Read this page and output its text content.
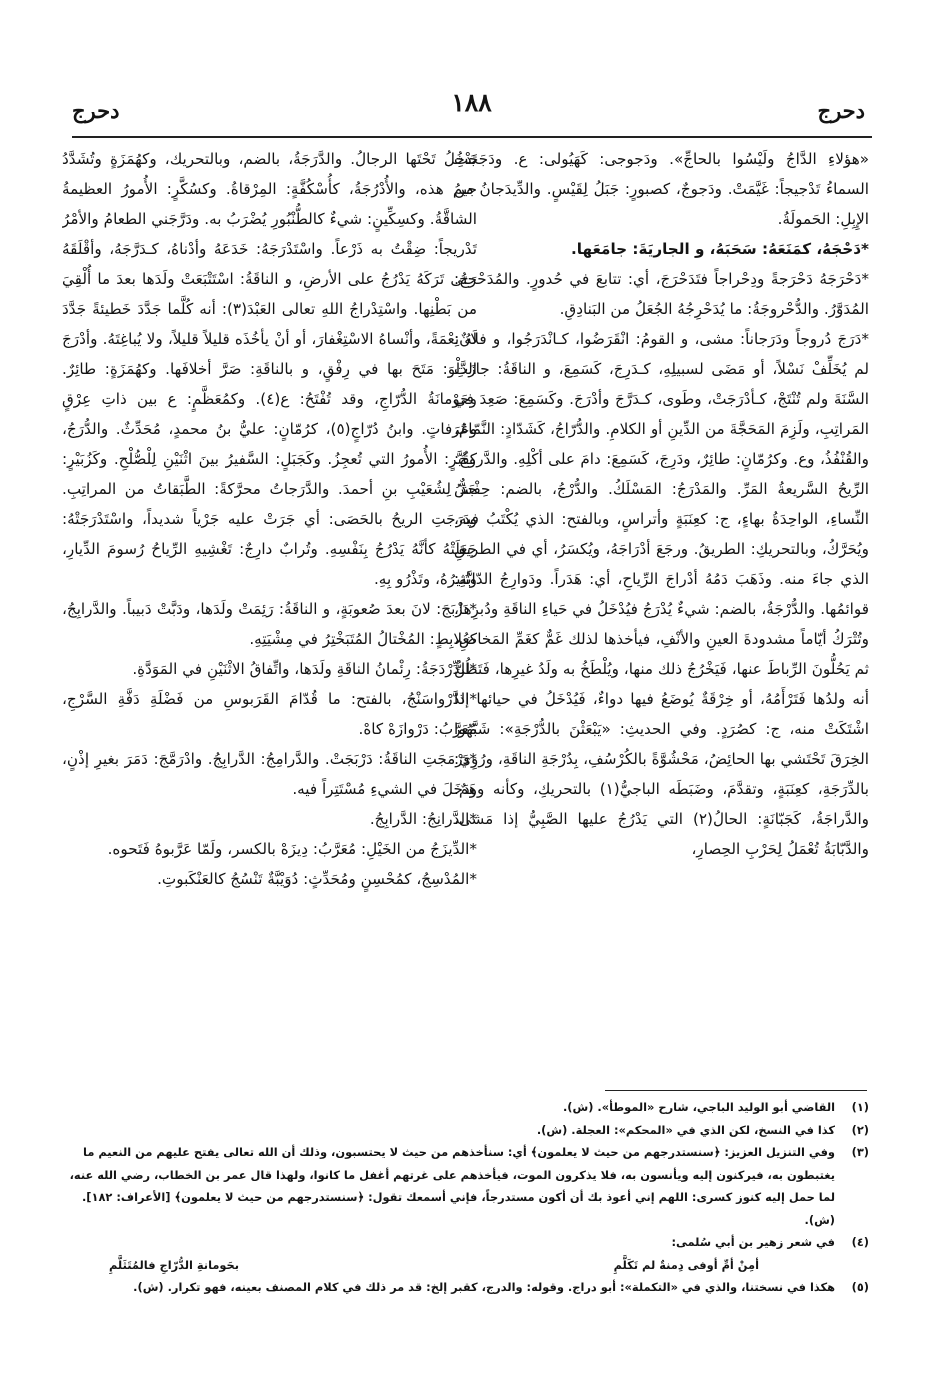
دحرج
١٨٨
دحرج

«هؤلاءِ الدَّاجُ ولَيْسُوا بالحاجِّ». ودَجوجى: كَهَيُولى: ع. ودَجَجَتِ السماءُ تَدْجيجاً: غَيَّمَتْ. ودَجوجٌ، كصبورٍ: جَبَلُ لِقَيْسٍ. والدِّيدَجانُ من الإِبِلِ: الحَمولَةُ.

*دَحْجَهُ، كمَنَعَهُ: سَحَبَهُ، و الجاريَةَ: جامَعَها.

*دَحْرَجَهُ دَحْرَجةً ودِحْراجاً فتَدَحْرَجَ، أي: تتابعَ في حُدورٍ. والمُدَحْرَجُ: المُدَوَّرُ. والدُّحْروجَةُ: ما يُدَحْرِجُهُ الجُعَلُ من البَنادِقِ.

*دَرَجَ دُروجاً ودَرَجاناً: مشى، و القومُ: انْقَرَضُوا، كـانْدَرَجُوا، و فلانٌ: لم يُخَلِّفْ نَسْلاً، أو مَضَى لسبيلِهِ، كـدَرِجَ، كَسَمِعَ، و الناقَةُ: جازَتِ السَّنَةَ ولم تُنْتَجْ، كـأدْرَجَتْ، وطَوى، كـدَرَّجَ وأدْرَجَ. وكَسَمِعَ: صَعِدَ في المَراتِبِ، ولَزِمَ المَحَجَّةَ من الدِّينِ أو الكلامِ. والدُّرّاجُ، كَشَدّادٍ: النَّمّامُ، والقُنْفُذُ، وع. وكرُمّانٍ: طائِرٌ، ودَرِجَ، كَسَمِعَ: دامَ على أكْلِهِ. والدَّروجُ: الرِّيحُ السَّريعةُ المَرِّ. والمَدْرَجُ: المَسْلَكُ. والدُّرْجُ، بالضم: حِفْشُ النِّساءِ، الواحِدَةُ بهاءٍ، ج: كعِنَبَةٍ وأتراسٍ، وبالفتح: الذي يُكْتَبُ فيه، ويُحَرَّكُ، وبالتحريكِ: الطريقُ. ورجَعَ أدْرَاجَهُ، ويُكسَرُ، أي في الطريقِ الذي جاءَ منه. وذَهَبَ دَمُهُ أدْراجَ الرِّياحِ، أي: هَدَراً. ودَوارِجُ الدّابَّةِ: قوائمُها. والدُّرْجَةُ، بالضم: شيءٌ يُدْرَجُ فيُدْخَلُ في حَياءِ الناقَةِ ودُبرِها، وتُتْرَكُ أيّاماً مشدودةَ العينِ والأنْفِ، فيأخذها لذلك غَمٌّ كغَمِّ المَخاضِ، ثم يَحُلُّونَ الرِّباطَ عنها، فَيَخْرُجُ ذلك منها، ويُلْطَخُ به ولَدُ غيرِها، فَتَظُنُّ أنه ولدُها فَتَرْأَمُهُ، أو خِرْقَةٌ يُوضَعُ فيها دواءٌ، فَيُدْخَلُ في حيائها إذا اشْتَكَتْ منه، ج: كصُرَدٍ. وفي الحديثِ: «يَبْعَثْنَ بالدُّرْجَةِ»: شَبَّهُوا الخِرَقَ تَحْتَشي بها الحائِضُ، مَحْشُوَّةً بالكُرْسُفِ، بِدُرْجَةِ الناقَةِ، ورُوِيَ: بالدِّرَجَةِ، كعِنَبَةٍ، وتقدَّمَ، وضَبَطَه الباجيُّ(١) بالتحريكِ، وكأنه وهَمٌ. والدَّراجَةُ، كَجَبّانَةٍ: الحالُ(٢) التي يَدْرُجُ عليها الصَّبِيُّ إذا مَشى، والدَّبّابَةُ تُعْمَلُ لِحَرْبِ الحِصارِ،

تَدْخُلُ تَحْتَها الرجالُ. والدَّرَجَةُ، بالضم، وبالتحريك، وكهُمَزَةٍ وتُشَدَّدُ جيمُ هذه، والأُدْرُجَةُ، كأُسْكُفَّةٍ: المِرْقاةُ. وكسُكَّرٍ: الأُمورُ العظيمةُ الشاقَّةُ. وكسِكِّينٍ: شيءٌ كالطُّنْبُورِ يُضْرَبُ به. ودَرَّجَني الطعامُ والأمْرُ تَدْريجاً: ضِقْتُ به ذَرْعاً. واسْتَدْرَجَهُ: خَدَعَهُ وأدْناهُ، كـدَرَّجَهُ، وأقْلَقَهُ حتى تَرَكَهُ يَدْرُجُ على الأرضِ، و الناقَةُ: اسْتَتْبَعَتْ ولَدَها بعدَ ما أُلْقِيَ من بَطْنِها. واسْتِدْراجُ اللهِ تعالى العَبْدَ(٣): أنه كُلَّما جَدَّدَ خَطيئةً جَدَّدَ لَهُ نِعْمَةً، وأنْساهُ الاسْتِغْفارَ، أو أنْ يأخُذَه قليلاً قليلاً، ولا يُباغِتَهُ. وأدْرَجَ الدَّلْوَ: مَتَحَ بها في رِفْقٍ، و بالناقَةِ: صَرَّ أخلافَها. وكهُمَزَةٍ: طائِرٌ. وحَوْمانَةُ الدُّرّاجِ، وقد تُفْتَحُ: ع(٤). وكمُعَظَّمٍ: ع بين ذاتِ عِرْقٍ وعَرَفاتٍ. وابنُ دُرّاجٍ(٥)، كرُمّانٍ: عليُّ بنُ محمدٍ، مُحَدِّثٌ. والدُّرَجُ، كقُبَّرٍ: الأُمورُ التي تُعجِزُ. وكَجَبَلٍ: السَّفيرُ بينَ اثْنَيْنِ لِلْصُّلْحِ. وكَزُبَيْرٍ: جَدٌّ لِشُعَيْبِ بنِ أحمدَ. والدَّرَجاتُ محرَّكةً: الطَّبَقاتُ من المراتِبِ. ودَرَجَتِ الريحُ بالحَصَى: أي جَرَتْ عليه جَرْياً شديداً، واسْتَدْرَجَتْهُ: جَعَلَتْهُ كأنَّهُ يَدْرُجُ بِنَفْسِهِ. وتُرابٌ دارِجٌ: تَغْشِيهِ الرِّياحُ رُسومَ الدِّيارِ، وتُثيرُهُ، وتَذْرُو بِهِ.

*دَزْبَجَ: لانَ بعدَ صُعوبَةٍ، و الناقَةُ: رَئِمَتْ ولَدَها، ودَبَّتْ دَبيباً. والدَّرابِجُ، كعُلابِطٍ: المُخْتالُ المُتَبَخْتِرُ في مِشْيَتِهِ.

*الدِّرْدَجَةُ: رِئْمانُ الناقَةِ ولَدَها، واتِّفاقُ الاثْنَيْنِ في المَوَدَّةِ.

*الدَّرْواسَنْجُ، بالفتح: ما قُدّامَ القَرَبوسِ من فَضْلَةِ دَفَّةِ السَّرْجِ، مُعَرَّبُ: دَرْوازَهْ كاهْ.

*دَرْمَجَتِ الناقَةُ: دَرْبَجَتْ. والدَّرامِجُ: الدَّرابِجُ. وادْرَمَّجَ: دَمَرَ بغيرِ إذْنٍ، ودَخَلَ في الشيءِ مُسْتَتِراً فيه.

*الدَّرانِجُ: الدَّرابِجُ.

*الدِّيزَجُ من الخَيْلِ: مُعَرَّبُ: دِيزَهْ بالكسر، ولَمّا عَرَّبوهُ فَتَحوه.

*المُدْسِجُ، كمُحْسِنٍ ومُحَدِّثٍ: دُوَيْبَّةٌ تَنْسُجُ كالعَنْكَبوتِ.

(١)
القاضي أبو الوليد الباجي، شارح «الموطأ». (ش).
(٢)
كذا في النسخ، لكن الذي في «المحكم»: العجلة. (ش).
(٣)
وفي التنزيل العزيز: ﴿سنستدرجهم من حيث لا يعلمون﴾ أي: سنأخذهم من حيث لا يحتسبون، وذلك أن الله تعالى يفتح عليهم من النعيم ما يغتبطون به، فيركنون إليه ويأنسون به، فلا يذكرون الموت، فيأخذهم على غرتهم أغفل ما كانوا، ولهذا قال عمر بن الخطاب، رضي الله عنه، لما حمل إليه كنوز كسرى: اللهم إني أعوذ بك أن أكون مستدرجاً، فإني أسمعك تقول: ﴿سنستدرجهم من حيث لا يعلمون﴾ [الأعراف: ١٨٢]. (ش).
(٤)
في شعر زهير بن أبي سُلمى:
أمِنْ أمِّ أوفى دِمنةٌ لم تَكَلَّمِ
بحَومانةِ الدُّرّاجِ فالمُتَثَلَّمِ
(٥)
هكذا في نسختنا، والذي في «التكملة»: أبو دراج. وقوله: والدرج، كقبر إلخ: قد مر ذلك في كلام المصنف بعينه، فهو تكرار. (ش).
